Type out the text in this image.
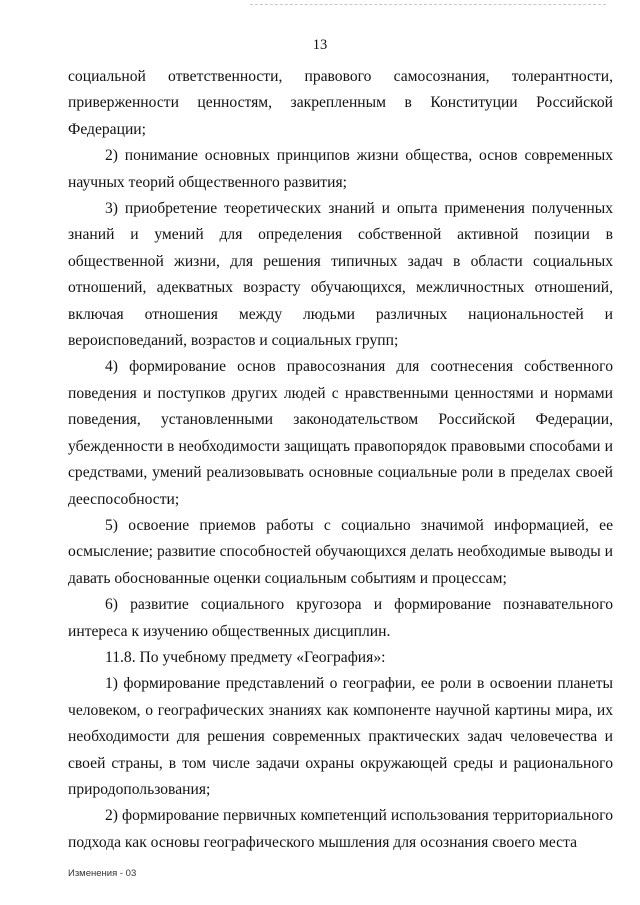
13

социальной ответственности, правового самосознания, толерантности, приверженности ценностям, закрепленным в Конституции Российской Федерации;

2) понимание основных принципов жизни общества, основ современных научных теорий общественного развития;

3) приобретение теоретических знаний и опыта применения полученных знаний и умений для определения собственной активной позиции в общественной жизни, для решения типичных задач в области социальных отношений, адекватных возрасту обучающихся, межличностных отношений, включая отношения между людьми различных национальностей и вероисповеданий, возрастов и социальных групп;

4) формирование основ правосознания для соотнесения собственного поведения и поступков других людей с нравственными ценностями и нормами поведения, установленными законодательством Российской Федерации, убежденности в необходимости защищать правопорядок правовыми способами и средствами, умений реализовывать основные социальные роли в пределах своей дееспособности;

5) освоение приемов работы с социально значимой информацией, ее осмысление; развитие способностей обучающихся делать необходимые выводы и давать обоснованные оценки социальным событиям и процессам;

6) развитие социального кругозора и формирование познавательного интереса к изучению общественных дисциплин.

11.8. По учебному предмету «География»:

1) формирование представлений о географии, ее роли в освоении планеты человеком, о географических знаниях как компоненте научной картины мира, их необходимости для решения современных практических задач человечества и своей страны, в том числе задачи охраны окружающей среды и рационального природопользования;

2) формирование первичных компетенций использования территориального подхода как основы географического мышления для осознания своего места

Изменения - 03
